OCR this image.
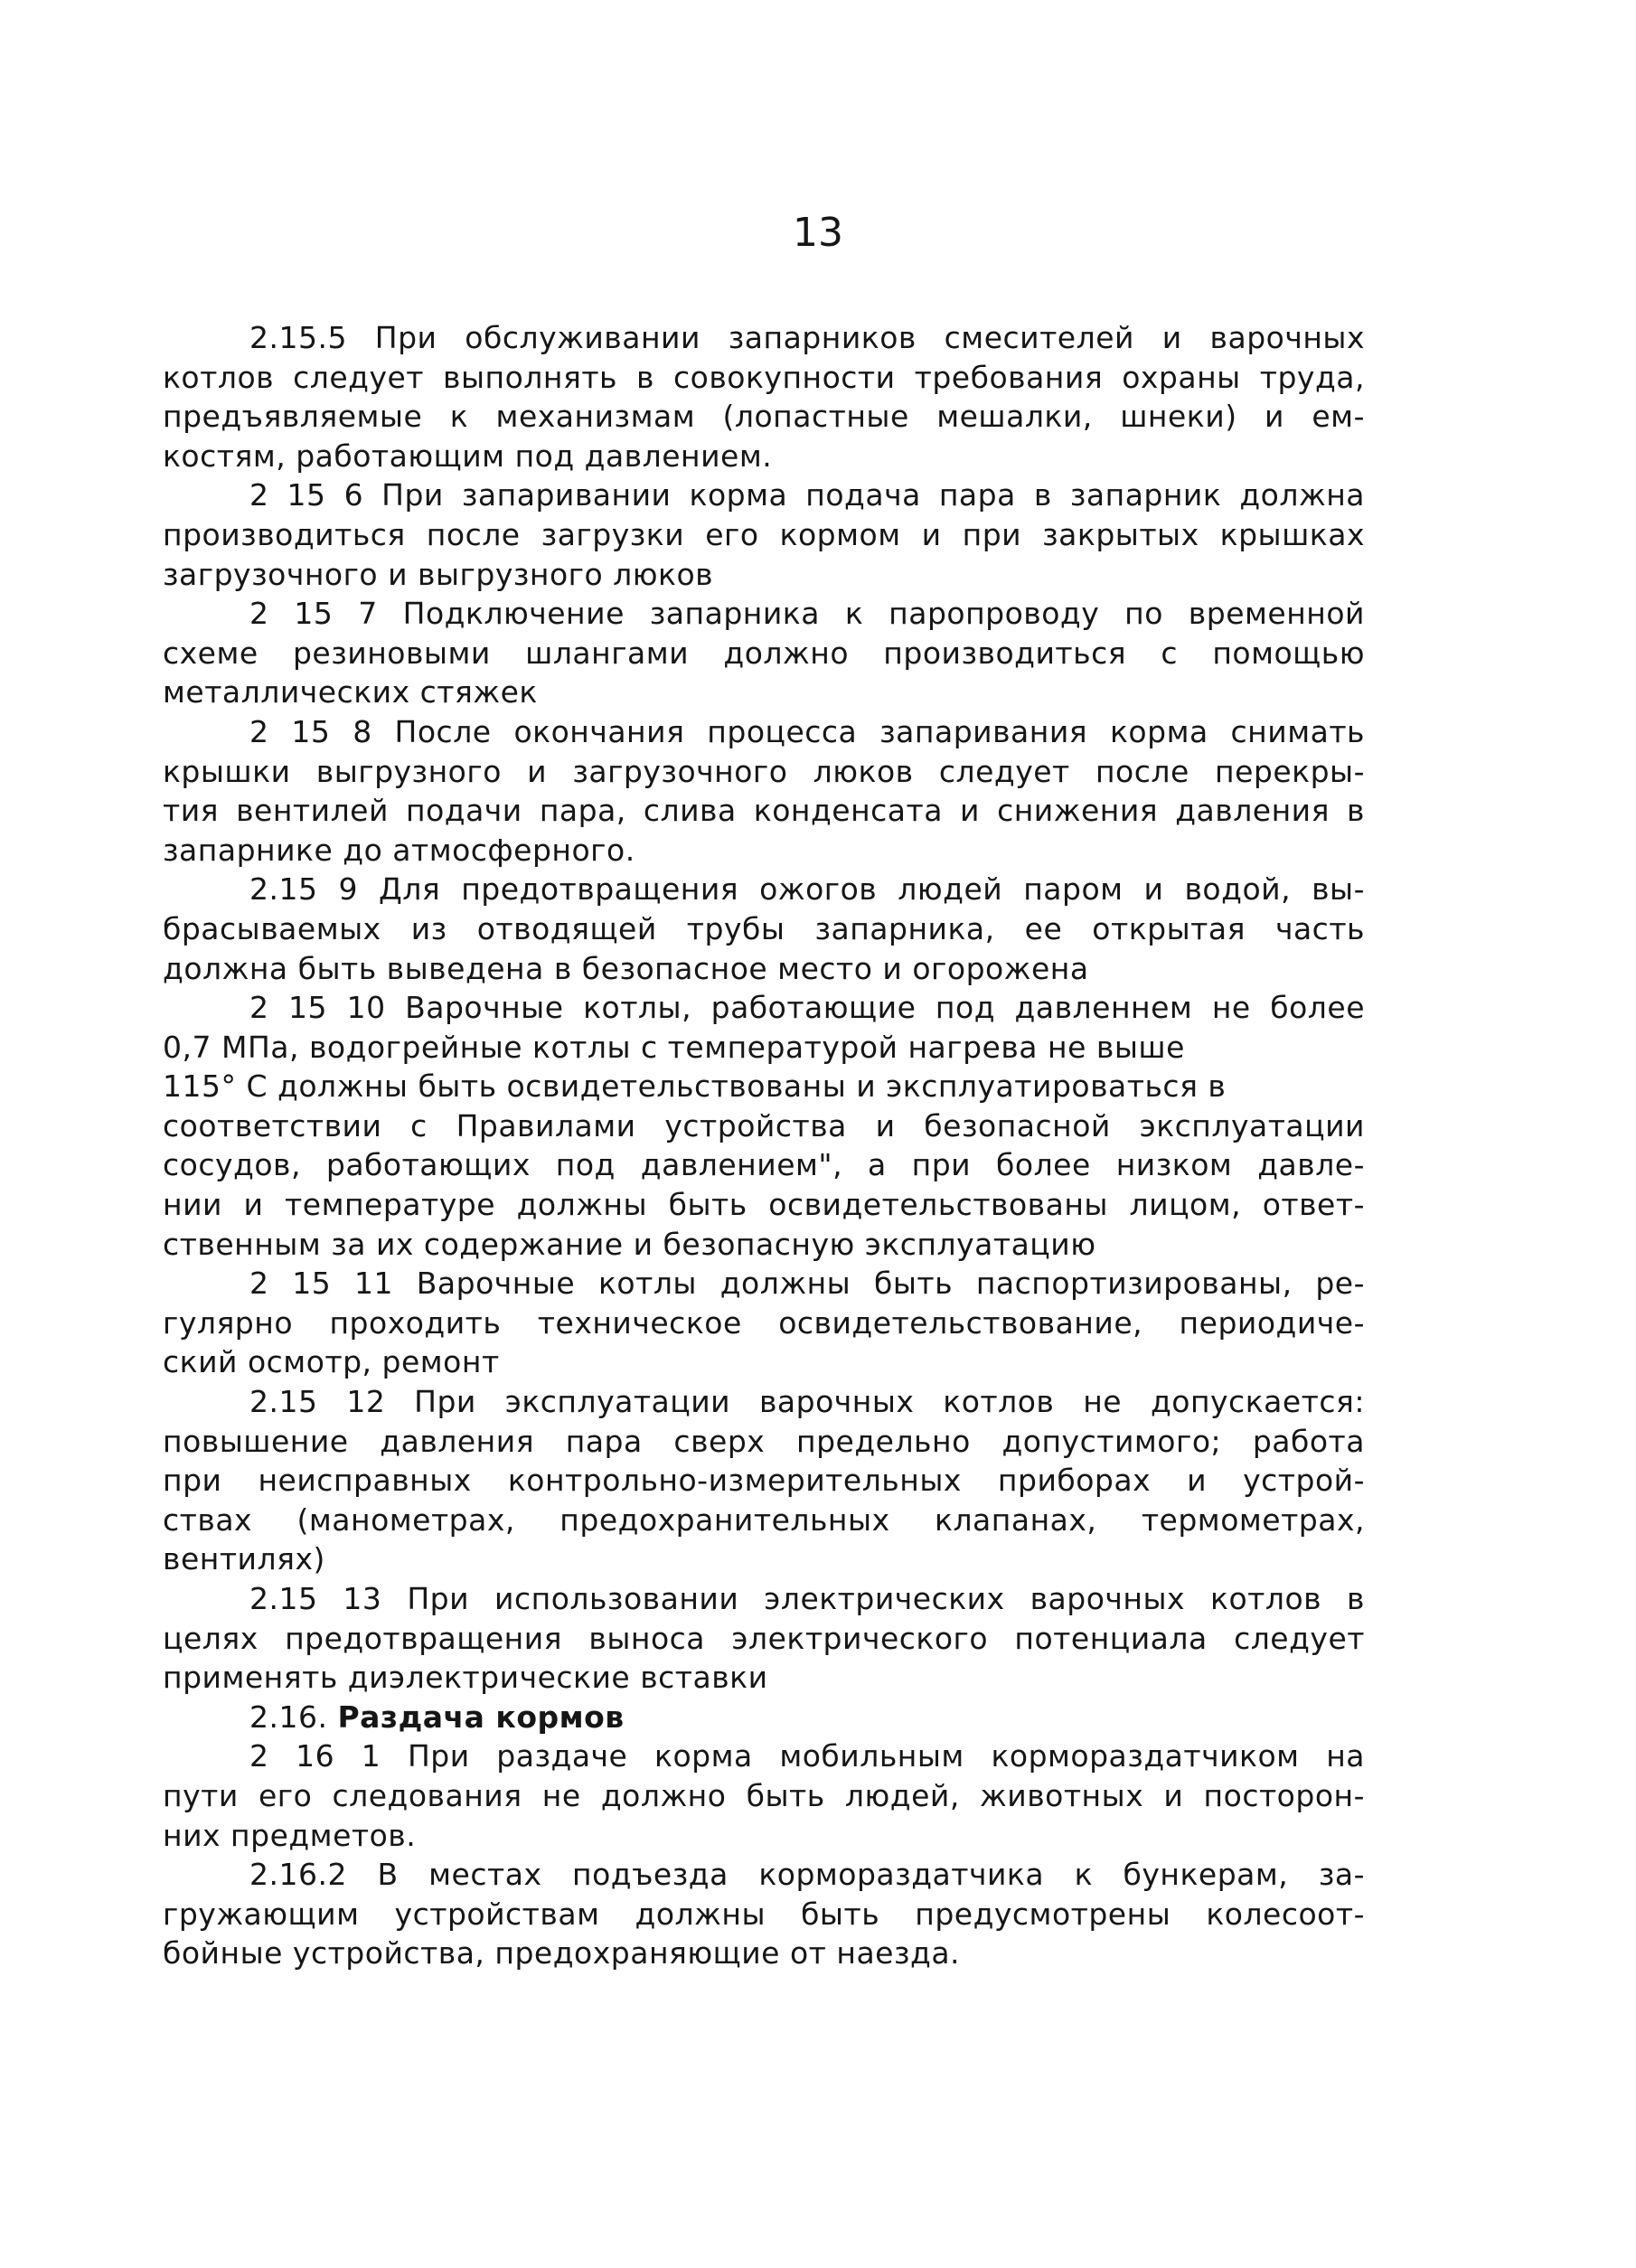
13

2.15.5 При обслуживании запарников смесителей и варочных
котлов следует выполнять в совокупности требования охраны труда,
предъявляемые к механизмам (лопастные мешалки, шнеки) и ем-
костям, работающим под давлением.
2 15 6 При запаривании корма подача пара в запарник должна
производиться после загрузки его кормом и при закрытых крышках
загрузочного и выгрузного люков
2 15 7 Подключение запарника к паропроводу по временной
схеме резиновыми шлангами должно производиться с помощью
металлических стяжек
2 15 8 После окончания процесса запаривания корма снимать
крышки выгрузного и загрузочного люков следует после перекры-
тия вентилей подачи пара, слива конденсата и снижения давления в
запарнике до атмосферного.
2.15 9 Для предотвращения ожогов людей паром и водой, вы-
брасываемых из отводящей трубы запарника, ее открытая часть
должна быть выведена в безопасное место и огорожена
2 15 10 Варочные котлы, работающие под давленнем не более
0,7 МПа, водогрейные котлы с температурой нагрева не выше
115° С должны быть освидетельствованы и эксплуатироваться в
соответствии с Правилами устройства и безопасной эксплуатации
сосудов, работающих под давлением", а при более низком давле-
нии и температуре должны быть освидетельствованы лицом, ответ-
ственным за их содержание и безопасную эксплуатацию
2 15 11 Варочные котлы должны быть паспортизированы, ре-
гулярно проходить техническое освидетельствование, периодиче-
ский осмотр, ремонт
2.15 12 При эксплуатации варочных котлов не допускается:
повышение давления пара сверх предельно допустимого; работа
при неисправных контрольно-измерительных приборах и устрой-
ствах (манометрах, предохранительных клапанах, термометрах,
вентилях)
2.15 13 При использовании электрических варочных котлов в
целях предотвращения выноса электрического потенциала следует
применять диэлектрические вставки
2.16. Раздача кормов
2 16 1 При раздаче корма мобильным кормораздатчиком на
пути его следования не должно быть людей, животных и посторон-
них предметов.
2.16.2 В местах подъезда кормораздатчика к бункерам, за-
гружающим устройствам должны быть предусмотрены колесоот-
бойные устройства, предохраняющие от наезда.
